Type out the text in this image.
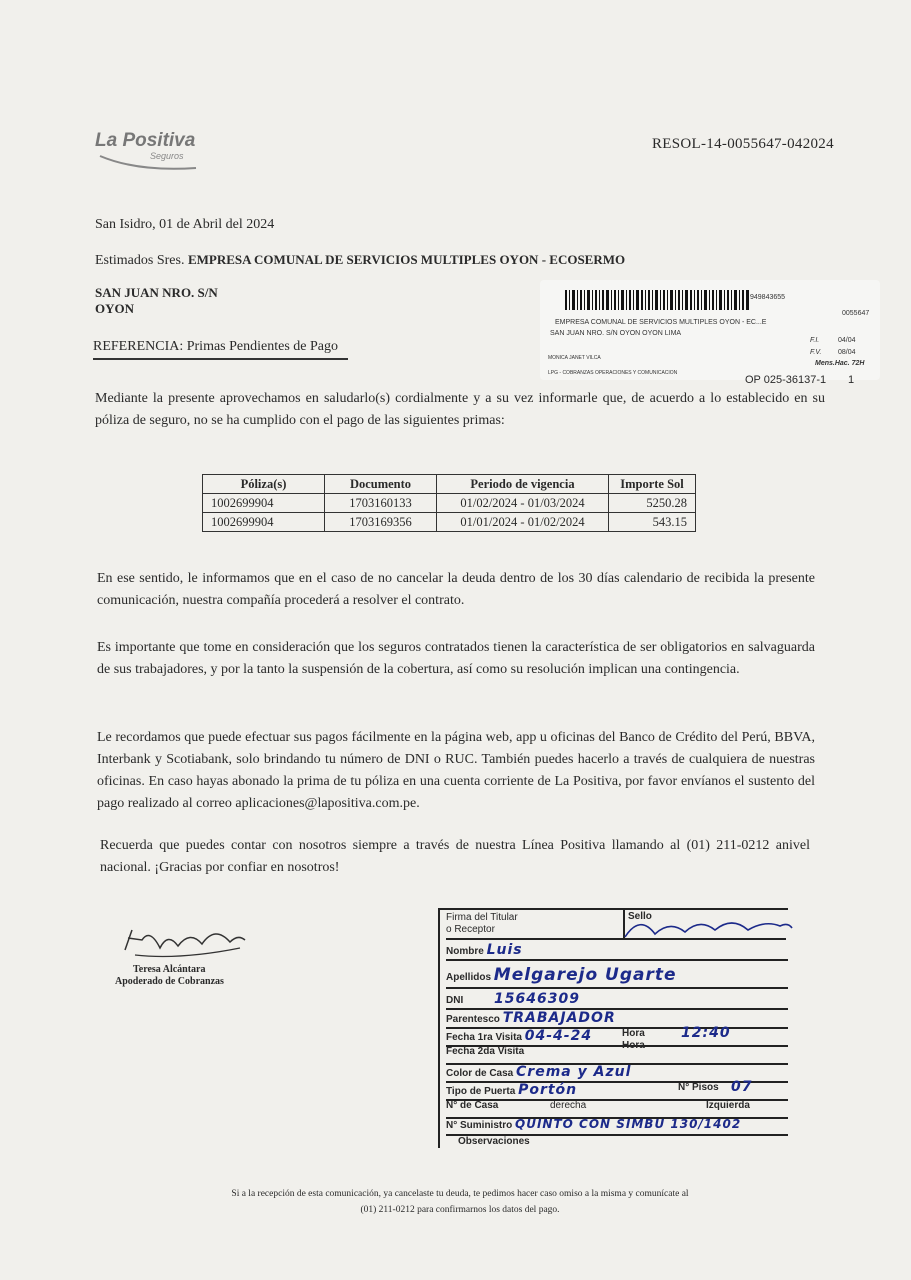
La Positiva
Seguros
RESOL-14-0055647-042024
San Isidro, 01 de Abril del 2024
Estimados Sres. EMPRESA COMUNAL DE SERVICIOS MULTIPLES OYON - ECOSERMO
SAN JUAN NRO. S/N
OYON
REFERENCIA: Primas Pendientes de Pago
949843655
0055647
EMPRESA COMUNAL DE SERVICIOS MULTIPLES OYON - EC...E
SAN JUAN NRO. S/N OYON OYON LIMA
F.I.	04/04
F.V. 08/04
Mens.Hac. 72H
MONICA JANET VILCA
LPG - COBRANZAS OPERACIONES Y COMUNICACION
OP 025-36137-1 1
Mediante la presente aprovechamos en saludarlo(s) cordialmente y a su vez informarle que, de acuerdo a lo establecido en su póliza de seguro, no se ha cumplido con el pago de las siguientes primas:
Póliza(s)	Documento	Periodo de vigencia	Importe Sol
1002699904	1703160133	01/02/2024 - 01/03/2024	5250.28
1002699904	1703169356	01/01/2024 - 01/02/2024	543.15
En ese sentido, le informamos que en el caso de no cancelar la deuda dentro de los 30 días calendario de recibida la presente comunicación, nuestra compañía procederá a resolver el contrato.
Es importante que tome en consideración que los seguros contratados tienen la característica de ser obligatorios en salvaguarda de sus trabajadores, y por la tanto la suspensión de la cobertura, así como su resolución implican una contingencia.
Le recordamos que puede efectuar sus pagos fácilmente en la página web, app u oficinas del Banco de Crédito del Perú, BBVA, Interbank y Scotiabank, solo brindando tu número de DNI o RUC. También puedes hacerlo a través de cualquiera de nuestras oficinas. En caso hayas abonado la prima de tu póliza en una cuenta corriente de La Positiva, por favor envíanos el sustento del pago realizado al correo aplicaciones@lapositiva.com.pe.
Recuerda que puedes contar con nosotros siempre a través de nuestra Línea Positiva llamando al (01) 211-0212 anivel nacional. ¡Gracias por confiar en nosotros!
Teresa Alcántara
Apoderado de Cobranzas
Firma del Titular
o Receptor
Sello
Nombre Luis
Apellidos Melgarejo Ugarte
DNI 15646309
Parentesco TRABAJADOR
Fecha 1ra Visita 04-4-24	Hora	12:40
Fecha 2da Visita
Hora
Color de Casa Crema y Azul
Tipo de Puerta Portón	N° Pisos 07
N° de Casa	derecha	Izquierda
N° Suministro QUINTO CON SIMBU 130/1402
Observaciones
Si a la recepción de esta comunicación, ya cancelaste tu deuda, te pedimos hacer caso omiso a la misma y comunícate al
(01) 211-0212 para confirmarnos los datos del pago.
